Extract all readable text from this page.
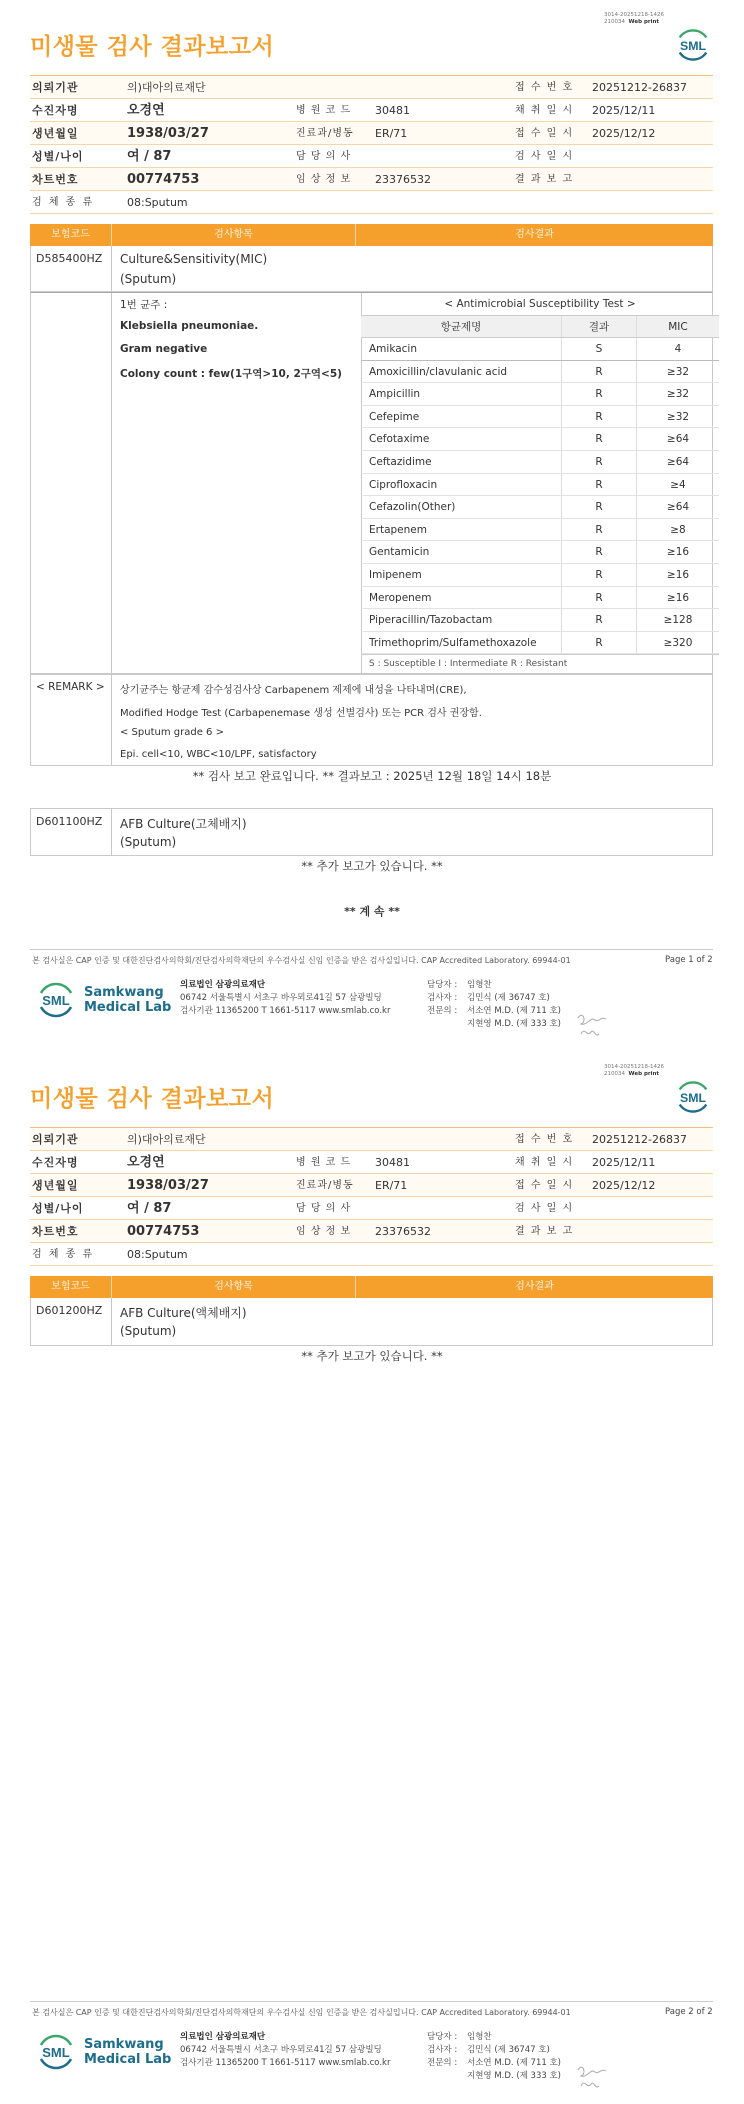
3014-20251218-1426
210034 Web print
미생물 검사 결과보고서	SML
의뢰기관	의)대아의료재단	접 수 번 호 20251212-26837
수진자명	오경연	병 원 코 드 30481	채 취 일 시 2025/12/11
생년월일	1938/03/27	진료과/병동 ER/71	접 수 일 시 2025/12/12
성별/나이	여 / 87	담 당 의 사	검 사 일 시
차트번호	00774753	임 상 정 보 23376532	결 과 보 고
검 체 종 류	08:Sputum
보험코드	검사항목	검사결과
D585400HZ Culture&Sensitivity(MIC)
(Sputum)
1번 균주 :
Klebsiella pneumoniae.
Gram negative
Colony count : few(1구역>10, 2구역<5)
< Antimicrobial Susceptibility Test >
항균제명	결과	MIC
Amikacin	S	4
Amoxicillin/clavulanic acid	R	≥32
Ampicillin	R	≥32
Cefepime	R	≥32
Cefotaxime	R	≥64
Ceftazidime	R	≥64
Ciprofloxacin	R	≥4
Cefazolin(Other)	R	≥64
Ertapenem	R	≥8
Gentamicin	R	≥16
Imipenem	R	≥16
Meropenem	R	≥16
Piperacillin/Tazobactam	R	≥128
Trimethoprim/Sulfamethoxazole	R	≥320
S : Susceptible I : Intermediate R : Resistant
< REMARK > 상기균주는 항균제 감수성검사상 Carbapenem 제제에 내성을 나타내며(CRE),
Modified Hodge Test (Carbapenemase 생성 선별검사) 또는 PCR 검사 권장함.
< Sputum grade 6 >
Epi. cell<10, WBC<10/LPF, satisfactory
** 검사 보고 완료입니다. ** 결과보고 : 2025년 12월 18일 14시 18분
D601100HZ AFB Culture(고체배지)
(Sputum)
** 추가 보고가 있습니다. **
** 계 속 **
본 검사실은 CAP 인증 및 대한진단검사의학회/진단검사의학재단의 우수검사실 신임 인증을 받은 검사실입니다. CAP Accredited Laboratory. 69944-01	Page 1 of 2
SML
Samkwang
Medical Lab
의료법인 삼광의료재단
06742 서울특별시 서초구 바우뫼로41길 57 삼광빌딩
검사기관 11365200 T 1661-5117 www.smlab.co.kr
담당자 :
검사자 :
전문의 :
임형찬
김민식 (제 36747 호)
서소연 M.D. (제 711 호)
지현영 M.D. (제 333 호)
3014-20251218-1426
210034 Web print
미생물 검사 결과보고서	SML
의뢰기관	의)대아의료재단	접 수 번 호 20251212-26837
수진자명	오경연	병 원 코 드 30481	채 취 일 시 2025/12/11
생년월일	1938/03/27	진료과/병동 ER/71	접 수 일 시 2025/12/12
성별/나이	여 / 87	담 당 의 사	검 사 일 시
차트번호	00774753	임 상 정 보 23376532	결 과 보 고
검 체 종 류	08:Sputum
보험코드	검사항목	검사결과
D601200HZ AFB Culture(액체배지)
(Sputum)
** 추가 보고가 있습니다. **
본 검사실은 CAP 인증 및 대한진단검사의학회/진단검사의학재단의 우수검사실 신임 인증을 받은 검사실입니다. CAP Accredited Laboratory. 69944-01	Page 2 of 2
SML
Samkwang
Medical Lab
의료법인 삼광의료재단
06742 서울특별시 서초구 바우뫼로41길 57 삼광빌딩
검사기관 11365200 T 1661-5117 www.smlab.co.kr
담당자 :
검사자 :
전문의 :
임형찬
김민식 (제 36747 호)
서소연 M.D. (제 711 호)
지현영 M.D. (제 333 호)
